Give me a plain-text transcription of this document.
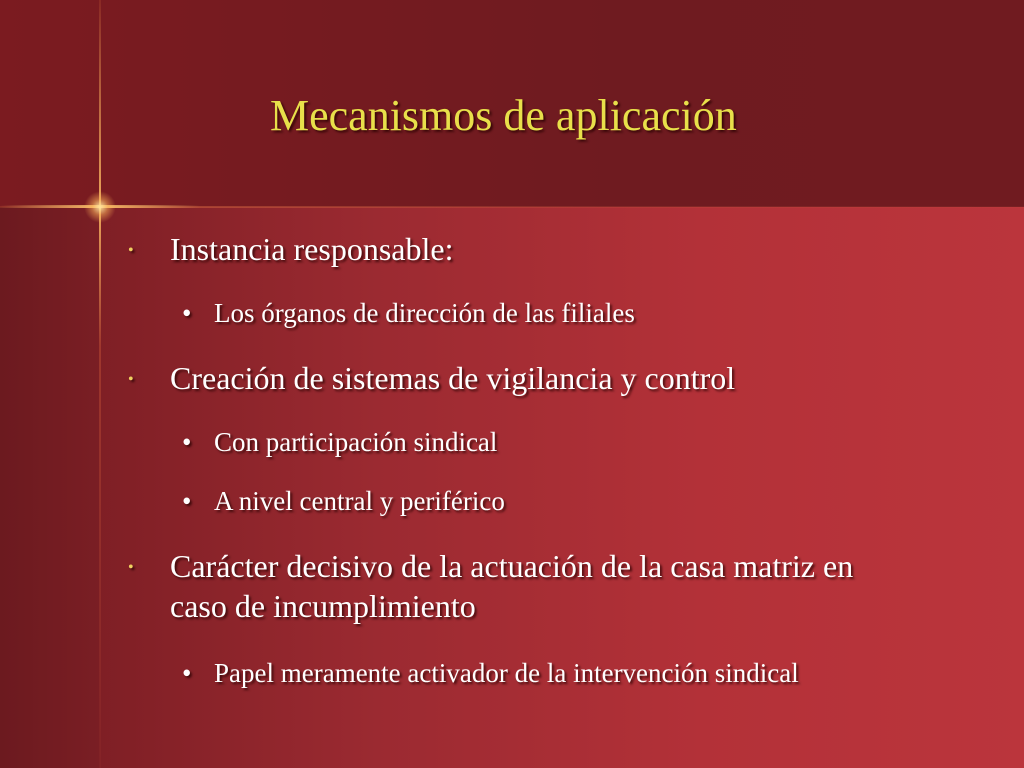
Mecanismos de aplicación
• Instancia responsable:
• Los órganos de dirección de las filiales
• Creación de sistemas de vigilancia y control
• Con participación sindical
• A nivel central y periférico
• Carácter decisivo de la actuación de la casa matriz en caso de incumplimiento
• Papel meramente activador de la intervención sindical
